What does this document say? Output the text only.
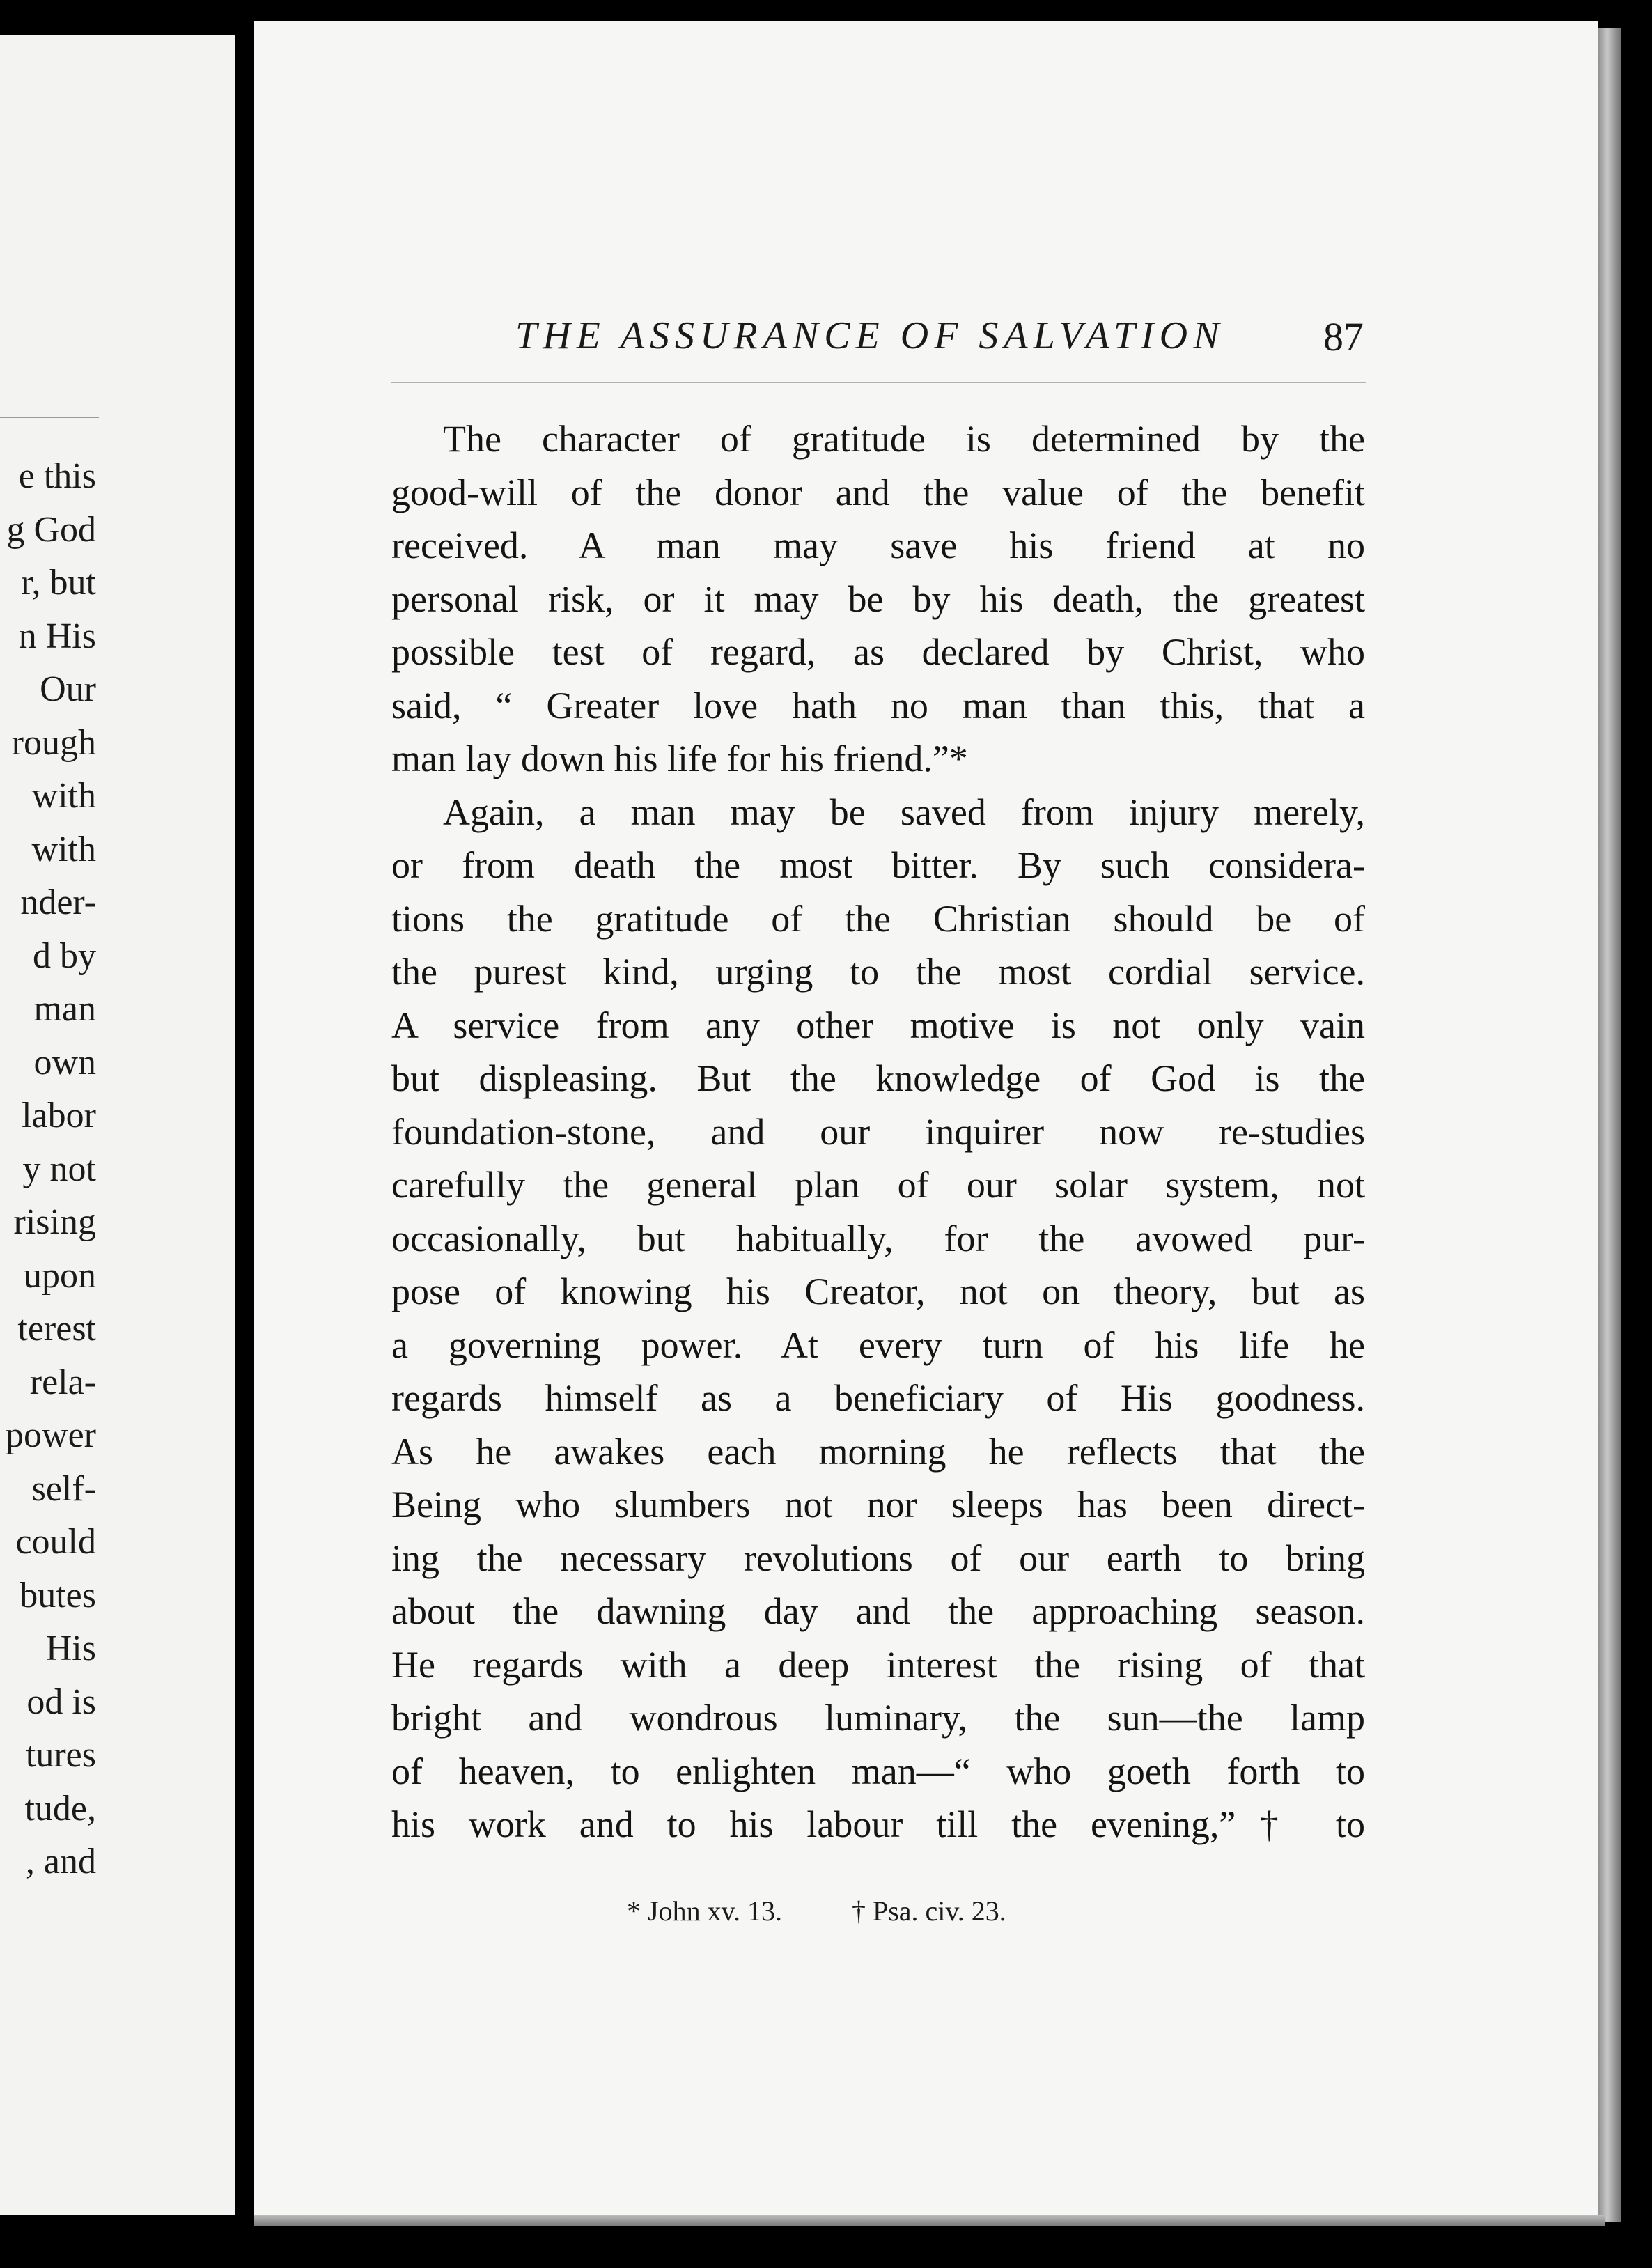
e this
g God
r, but
n His
Our
rough
with
with
nder-
d by
man
own
labor
y not
rising
upon
terest
rela-
power
self-
could
butes
His
od is
tures
tude,
, and
THE ASSURANCE OF SALVATION 87
The character of gratitude is determined by the
good-will of the donor and the value of the benefit
received. A man may save his friend at no
personal risk, or it may be by his death, the greatest
possible test of regard, as declared by Christ, who
said, “ Greater love hath no man than this, that a
man lay down his life for his friend.”*
Again, a man may be saved from injury merely,
or from death the most bitter. By such considera-
tions the gratitude of the Christian should be of
the purest kind, urging to the most cordial service.
A service from any other motive is not only vain
but displeasing. But the knowledge of God is the
foundation-stone, and our inquirer now re-studies
carefully the general plan of our solar system, not
occasionally, but habitually, for the avowed pur-
pose of knowing his Creator, not on theory, but as
a governing power. At every turn of his life he
regards himself as a beneficiary of His goodness.
As he awakes each morning he reflects that the
Being who slumbers not nor sleeps has been direct-
ing the necessary revolutions of our earth to bring
about the dawning day and the approaching season.
He regards with a deep interest the rising of that
bright and wondrous luminary, the sun—the lamp
of heaven, to enlighten man—“ who goeth forth to
his work and to his labour till the evening,”† to
* John xv. 13.	† Psa. civ. 23.
